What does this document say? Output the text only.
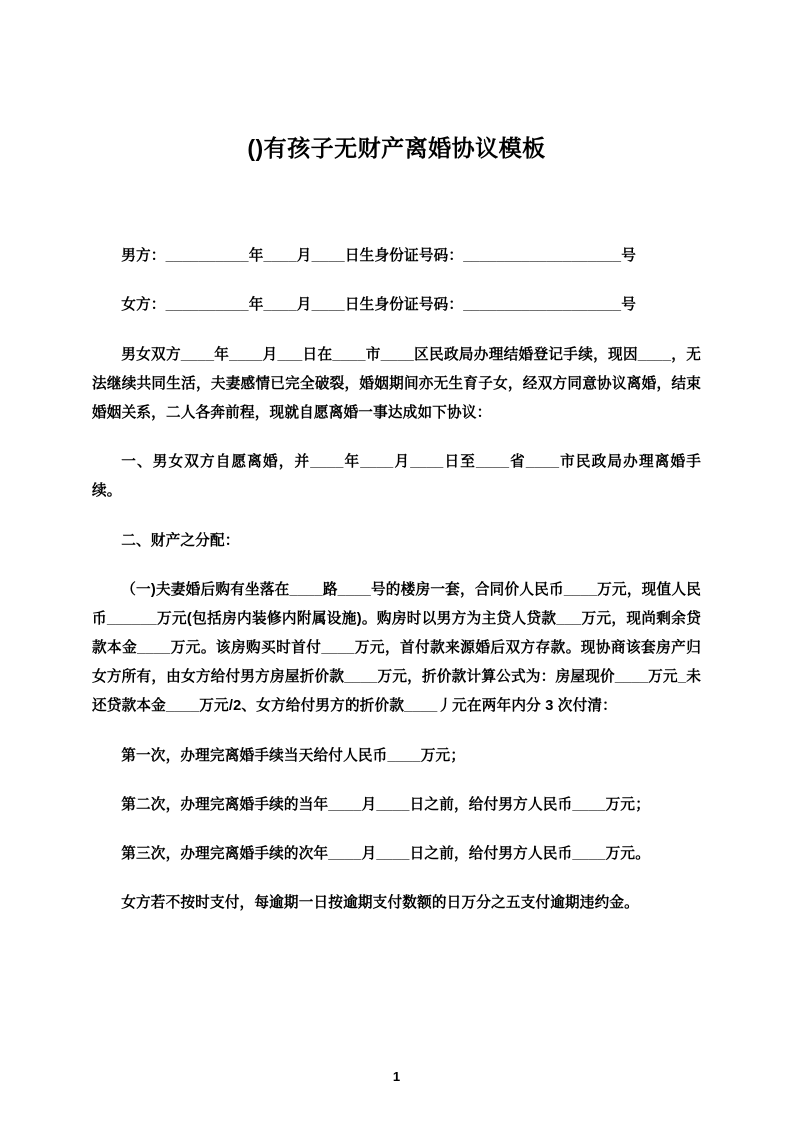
()有孩子无财产离婚协议模板

男方：__________年____月____日生身份证号码：___________________号

女方：__________年____月____日生身份证号码：___________________号

男女双方____年____月___日在____市____区民政局办理结婚登记手续，现因____，无法继续共同生活，夫妻感情已完全破裂，婚姻期间亦无生育子女，经双方同意协议离婚，结束婚姻关系，二人各奔前程，现就自愿离婚一事达成如下协议：

一、男女双方自愿离婚，并____年____月____日至____省____市民政局办理离婚手续。

二、财产之分配：

（一)夫妻婚后购有坐落在____路____号的楼房一套，合同价人民币____万元，现值人民币______万元(包括房内装修内附属设施)。购房时以男方为主贷人贷款___万元，现尚剩余贷款本金____万元。该房购买时首付____万元，首付款来源婚后双方存款。现协商该套房产归女方所有，由女方给付男方房屋折价款____万元，折价款计算公式为：房屋现价____万元_未还贷款本金____万元/2、女方给付男方的折价款____丿元在两年内分 3 次付清：

第一次，办理完离婚手续当天给付人民币____万元；

第二次，办理完离婚手续的当年____月____日之前，给付男方人民币____万元；

第三次，办理完离婚手续的次年____月____日之前，给付男方人民币____万元。

女方若不按时支付，每逾期一日按逾期支付数额的日万分之五支付逾期违约金。

1
